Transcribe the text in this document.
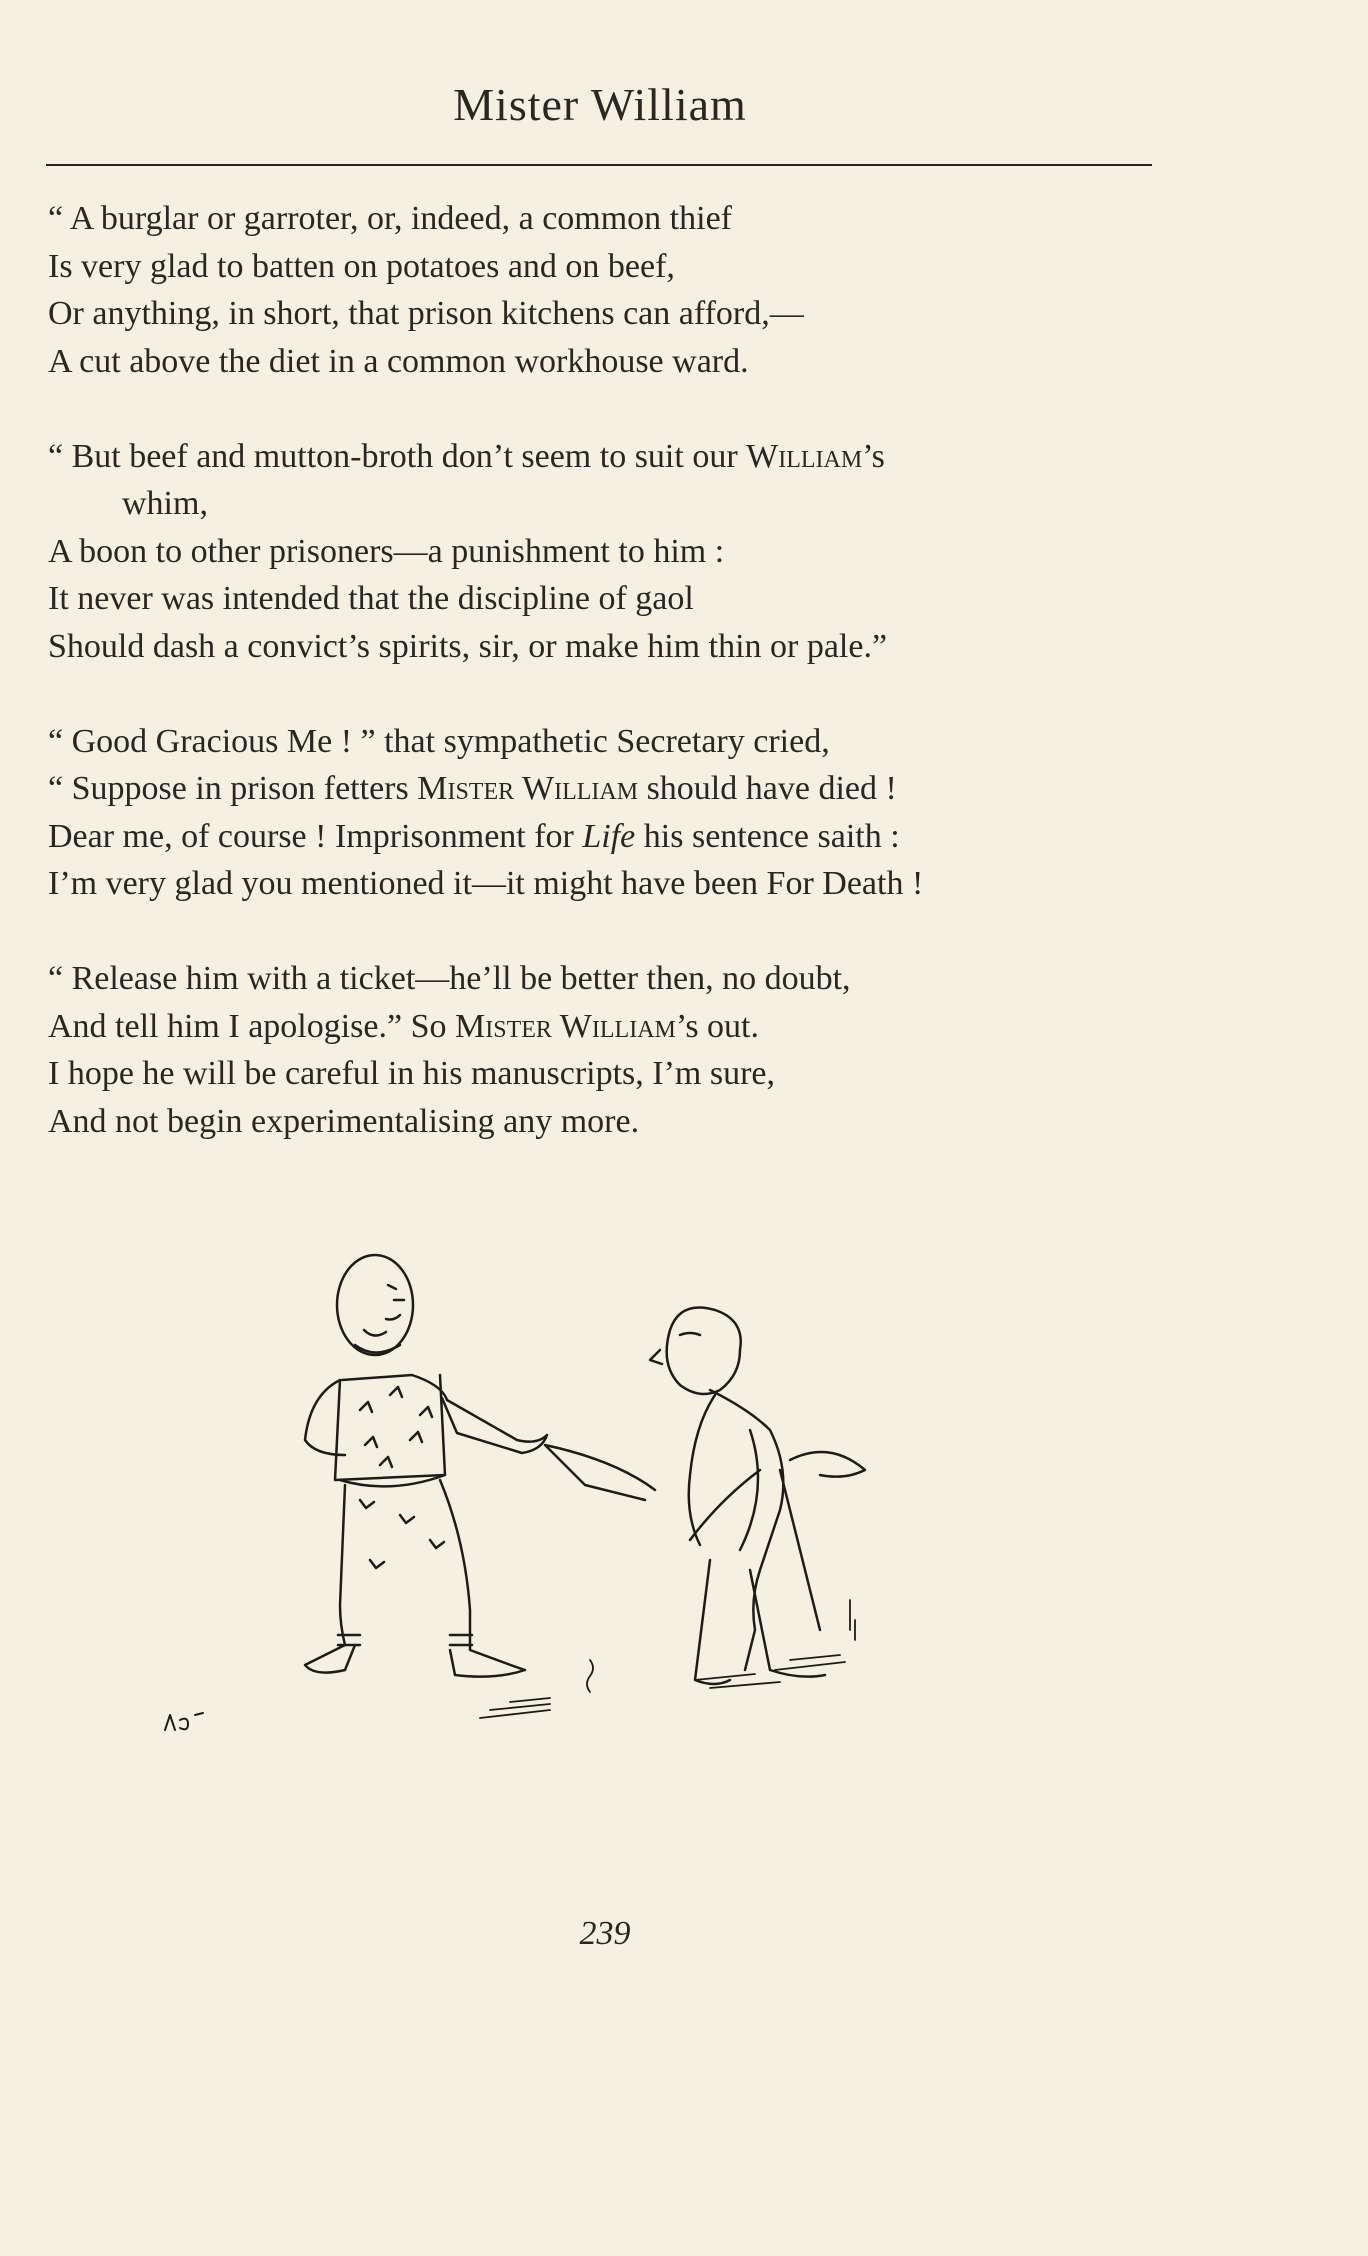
Mister William
“ A burglar or garroter, or, indeed, a common thief
Is very glad to batten on potatoes and on beef,
Or anything, in short, that prison kitchens can afford,—
A cut above the diet in a common workhouse ward.
“ But beef and mutton-broth don’t seem to suit our William’s
whim,
A boon to other prisoners—a punishment to him :
It never was intended that the discipline of gaol
Should dash a convict’s spirits, sir, or make him thin or pale.”
“ Good Gracious Me ! ” that sympathetic Secretary cried,
“ Suppose in prison fetters Mister William should have died !
Dear me, of course ! Imprisonment for Life his sentence saith :
I’m very glad you mentioned it—it might have been For Death !
“ Release him with a ticket—he’ll be better then, no doubt,
And tell him I apologise.” So Mister William’s out.
I hope he will be careful in his manuscripts, I’m sure,
And not begin experimentalising any more.
239
